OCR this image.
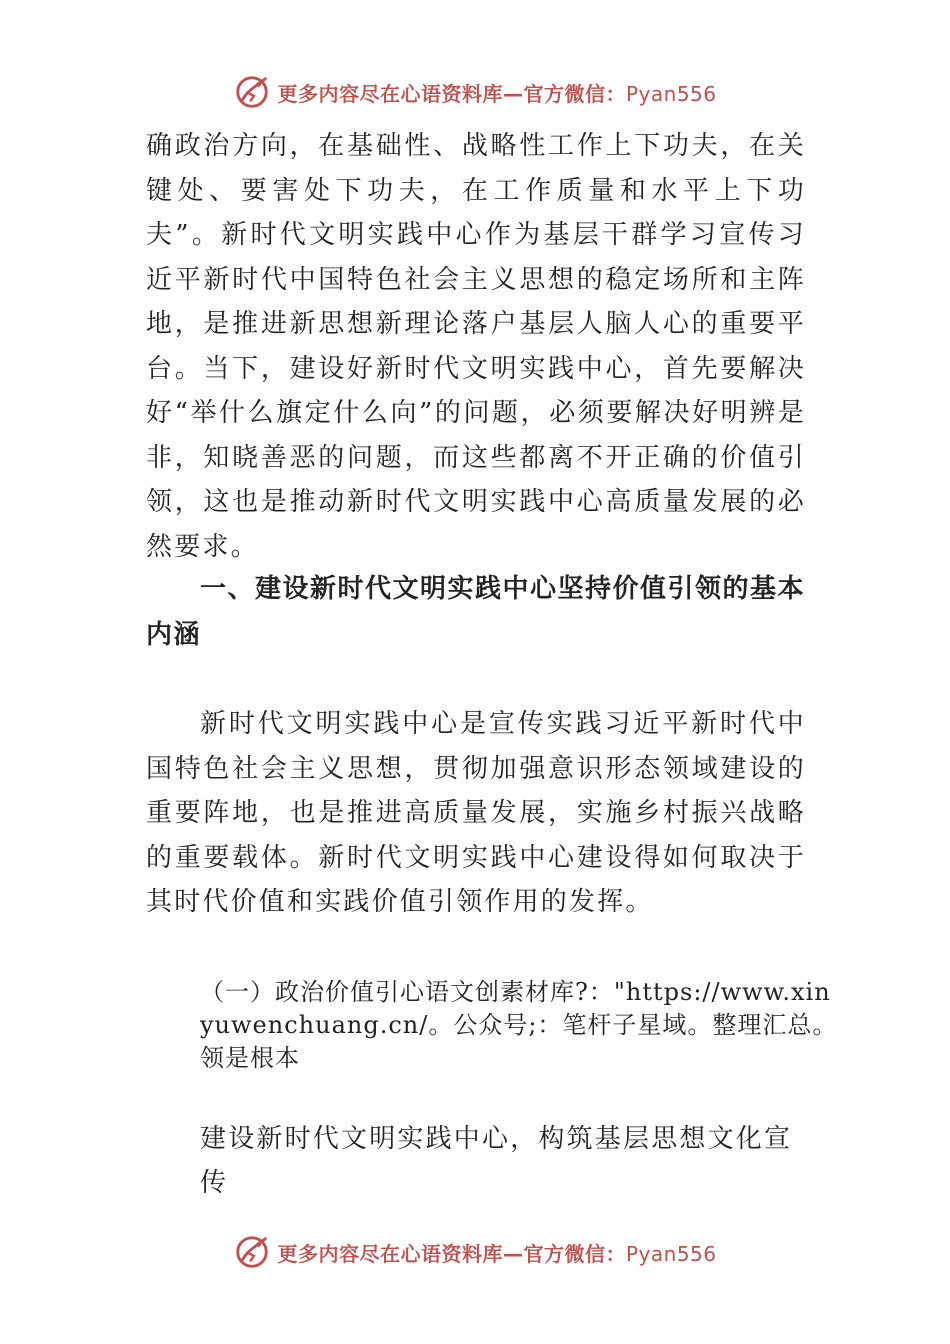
更多内容尽在心语资料库—官方微信：Pyan556

确政治方向，在基础性、战略性工作上下功夫，在关键处、要害处下功夫，在工作质量和水平上下功夫”。新时代文明实践中心作为基层干群学习宣传习近平新时代中国特色社会主义思想的稳定场所和主阵地，是推进新思想新理论落户基层人脑人心的重要平台。当下，建设好新时代文明实践中心，首先要解决好“举什么旗定什么向”的问题，必须要解决好明辨是非，知晓善恶的问题，而这些都离不开正确的价值引领，这也是推动新时代文明实践中心高质量发展的必然要求。

一、建设新时代文明实践中心坚持价值引领的基本内涵

新时代文明实践中心是宣传实践习近平新时代中国特色社会主义思想，贯彻加强意识形态领域建设的重要阵地，也是推进高质量发展，实施乡村振兴战略的重要载体。新时代文明实践中心建设得如何取决于其时代价值和实践价值引领作用的发挥。

（一）政治价值引心语文创素材库?："https://www.xinyuwenchuang.cn/。公众号;：笔杆子星域。整理汇总。领是根本

建设新时代文明实践中心，构筑基层思想文化宣传

更多内容尽在心语资料库—官方微信：Pyan556
